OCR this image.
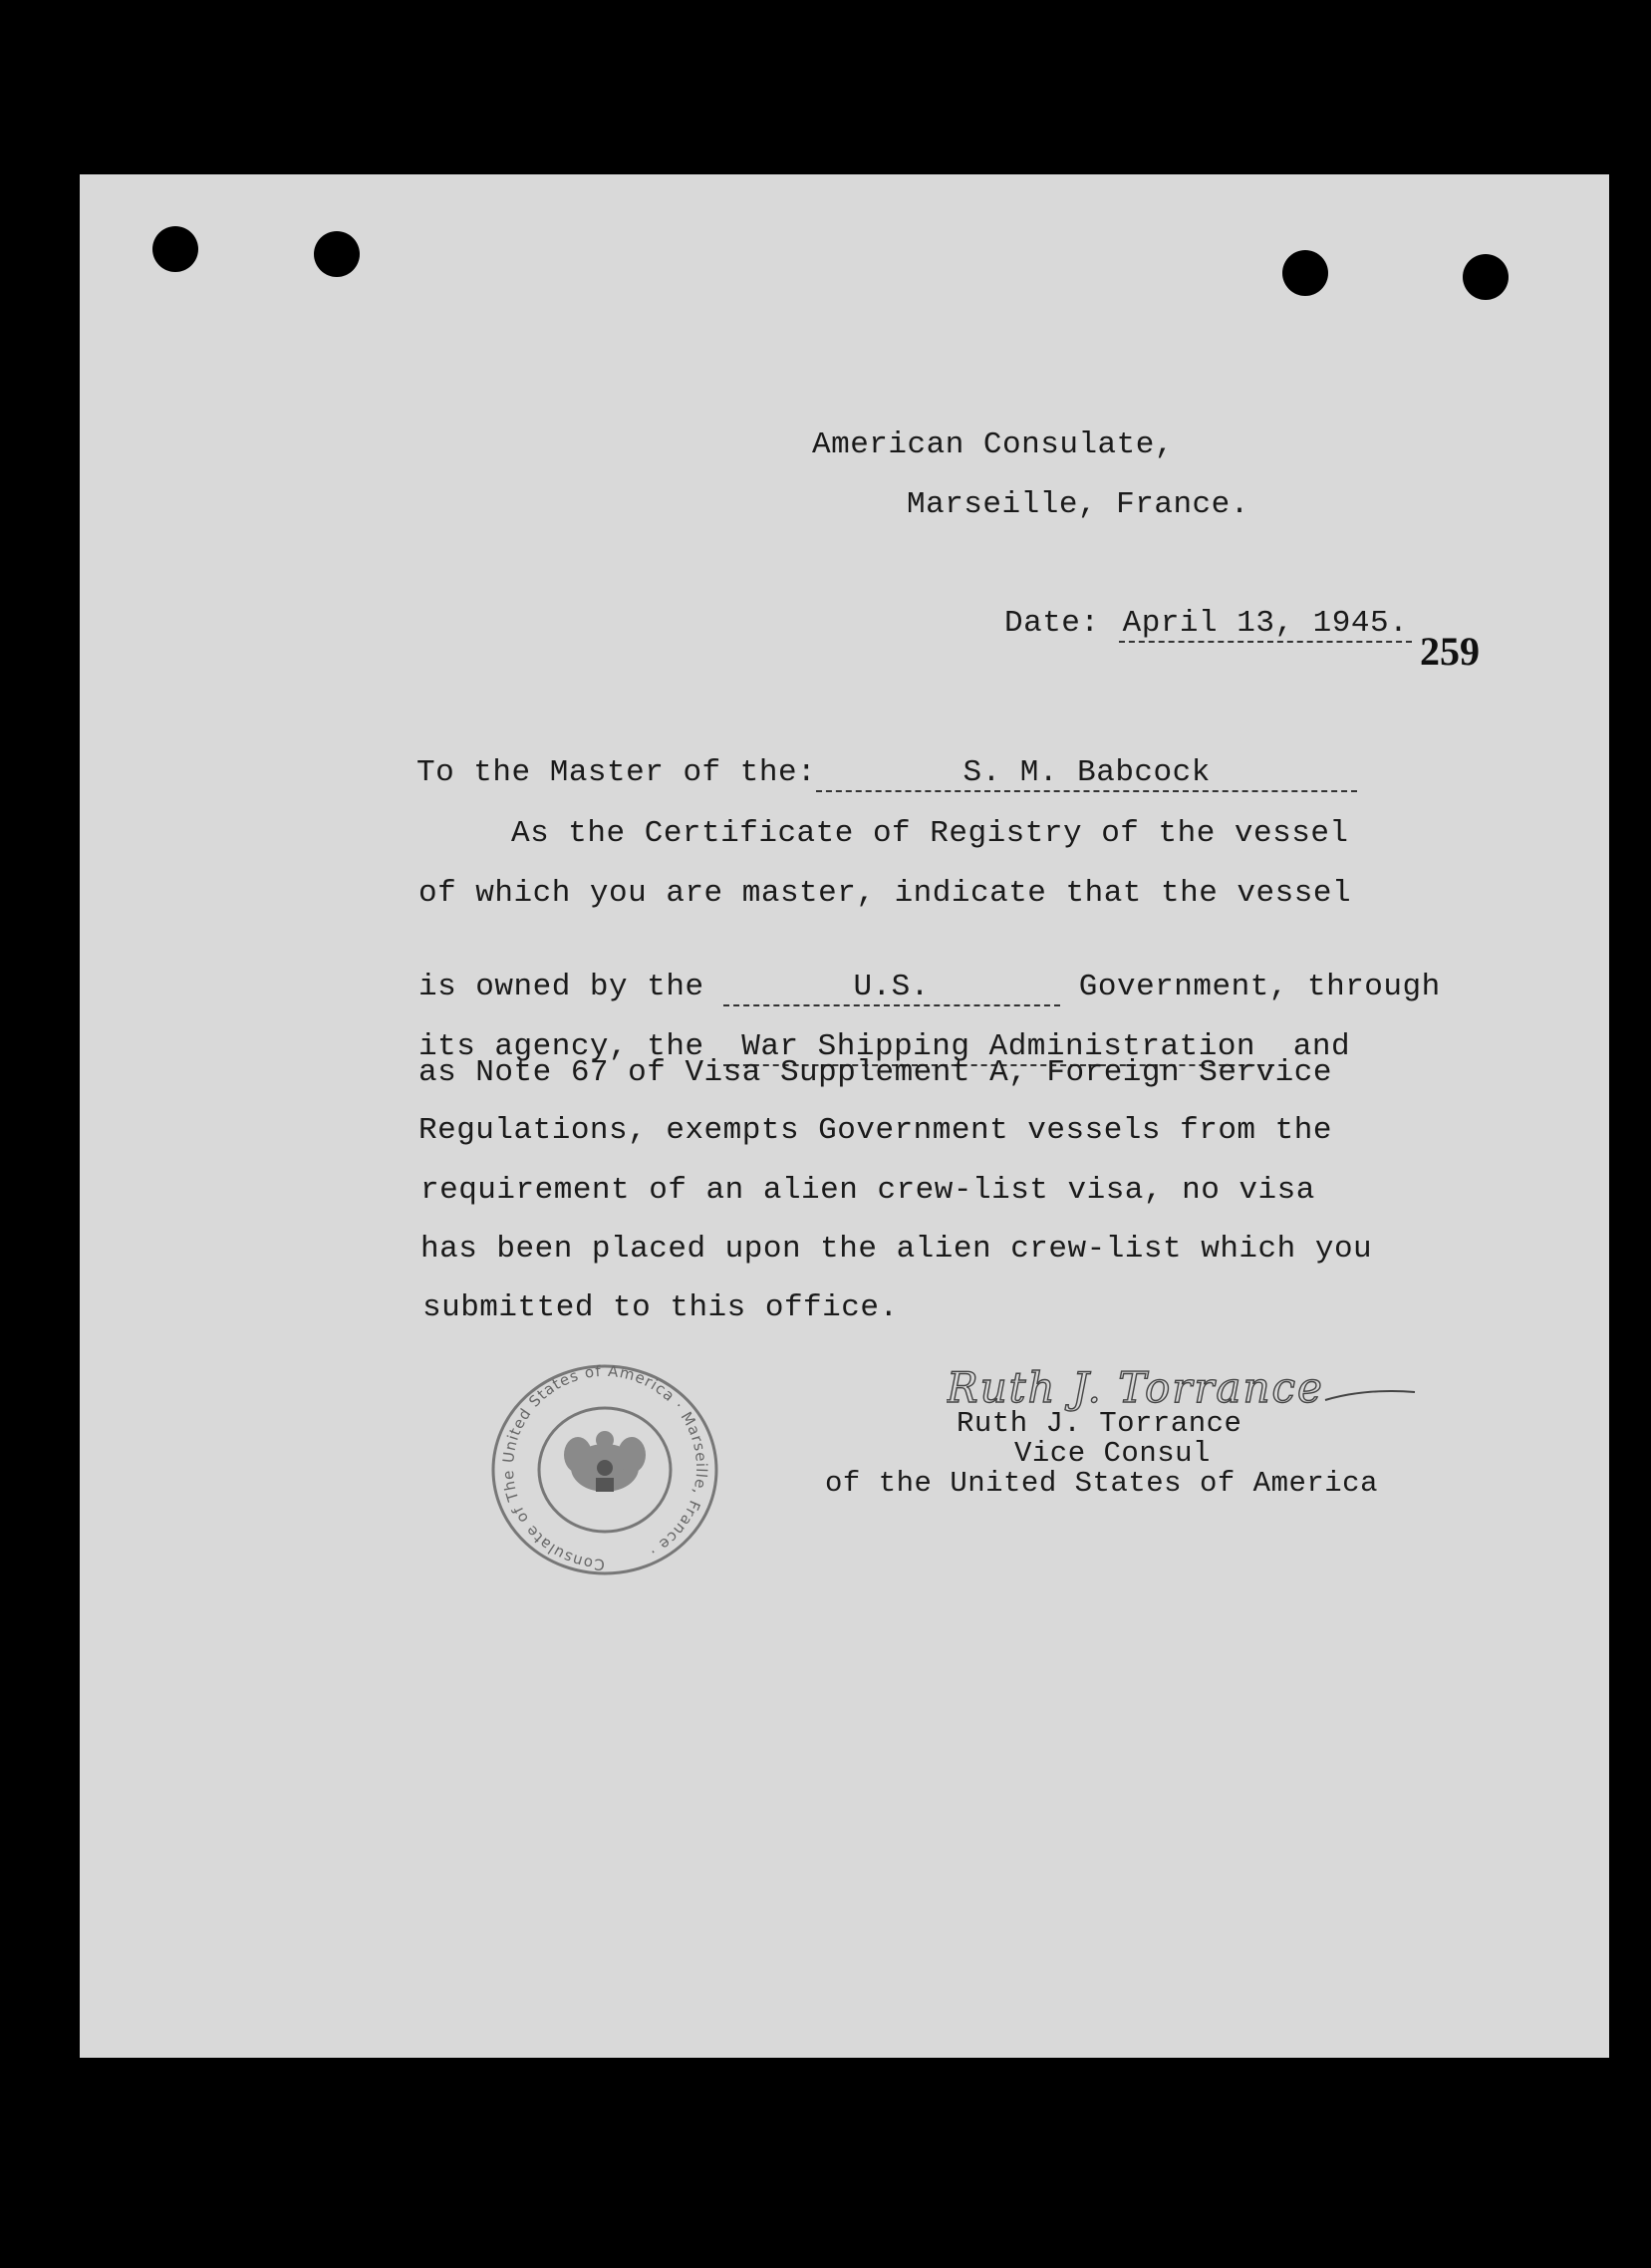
American Consulate,

Marseille, France.

Date: April 13, 1945.

259

To the Master of the:	S. M. Babcock

As the Certificate of Registry of the vessel

of which you are master, indicate that the vessel

is owned by the	U.S.	Government, through

its agency, the War Shipping Administration and

as Note 67 of Visa Supplement A, Foreign Service

Regulations, exempts Government vessels from the

requirement of an alien crew-list visa, no visa

has been placed upon the alien crew-list which you

submitted to this office.

Consulate of The United States of America · Marseille, France ·
Ruth J. Torrance

Ruth J. Torrance

Vice Consul

of the United States of America
